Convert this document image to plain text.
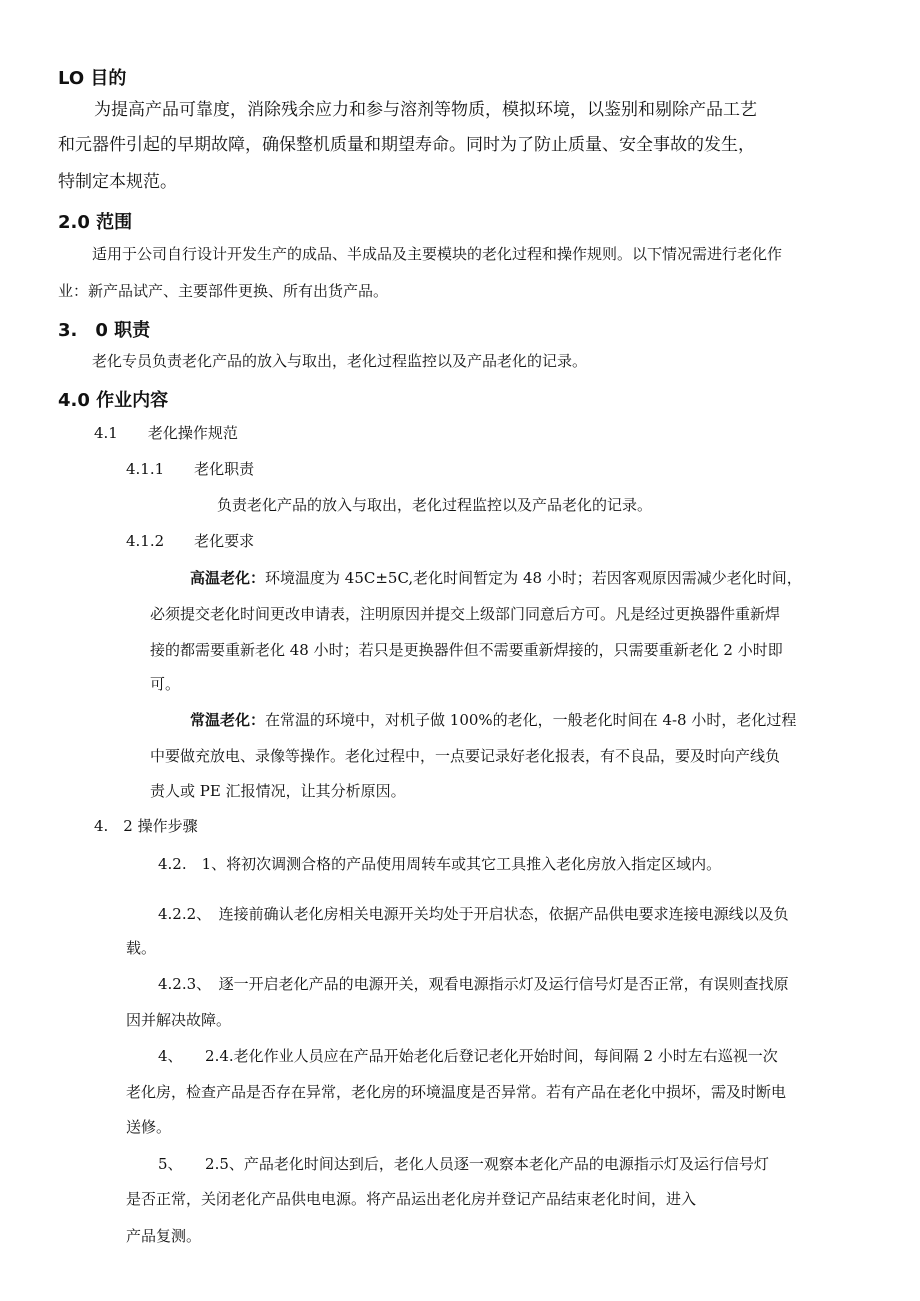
LO 目的
为提高产品可靠度，消除残余应力和参与溶剂等物质，模拟环境，以鉴别和剔除产品工艺
和元器件引起的早期故障，确保整机质量和期望寿命。同时为了防止质量、安全事故的发生，
特制定本规范。
2.0 范围
适用于公司自行设计开发生产的成品、半成品及主要模块的老化过程和操作规则。以下情况需进行老化作
业：新产品试产、主要部件更换、所有出货产品。
3.　0 职责
老化专员负责老化产品的放入与取出，老化过程监控以及产品老化的记录。
4.0 作业内容
4.1　　老化操作规范
4.1.1　　老化职责
负责老化产品的放入与取出，老化过程监控以及产品老化的记录。
4.1.2　　老化要求
高温老化：环境温度为 45C±5C,老化时间暂定为 48 小时；若因客观原因需减少老化时间，
必须提交老化时间更改申请表，注明原因并提交上级部门同意后方可。凡是经过更换器件重新焊
接的都需要重新老化 48 小时；若只是更换器件但不需要重新焊接的，只需要重新老化 2 小时即
可。
常温老化：在常温的环境中，对机子做 100%的老化，一般老化时间在 4-8 小时，老化过程
中要做充放电、录像等操作。老化过程中，一点要记录好老化报表，有不良品，要及时向产线负
责人或 PE 汇报情况，让其分析原因。
4.　2 操作步骤
4.2.　1、将初次调测合格的产品使用周转车或其它工具推入老化房放入指定区域内。
4.2.2、　连接前确认老化房相关电源开关均处于开启状态，依据产品供电要求连接电源线以及负
载。
4.2.3、　逐一开启老化产品的电源开关，观看电源指示灯及运行信号灯是否正常，有误则查找原
因并解决故障。
4、　　2.4.老化作业人员应在产品开始老化后登记老化开始时间，每间隔 2 小时左右巡视一次
老化房，检查产品是否存在异常，老化房的环境温度是否异常。若有产品在老化中损坏，需及时断电
送修。
5、　　2.5、产品老化时间达到后，老化人员逐一观察本老化产品的电源指示灯及运行信号灯
是否正常，关闭老化产品供电电源。将产品运出老化房并登记产品结束老化时间，进入
产品复测。
